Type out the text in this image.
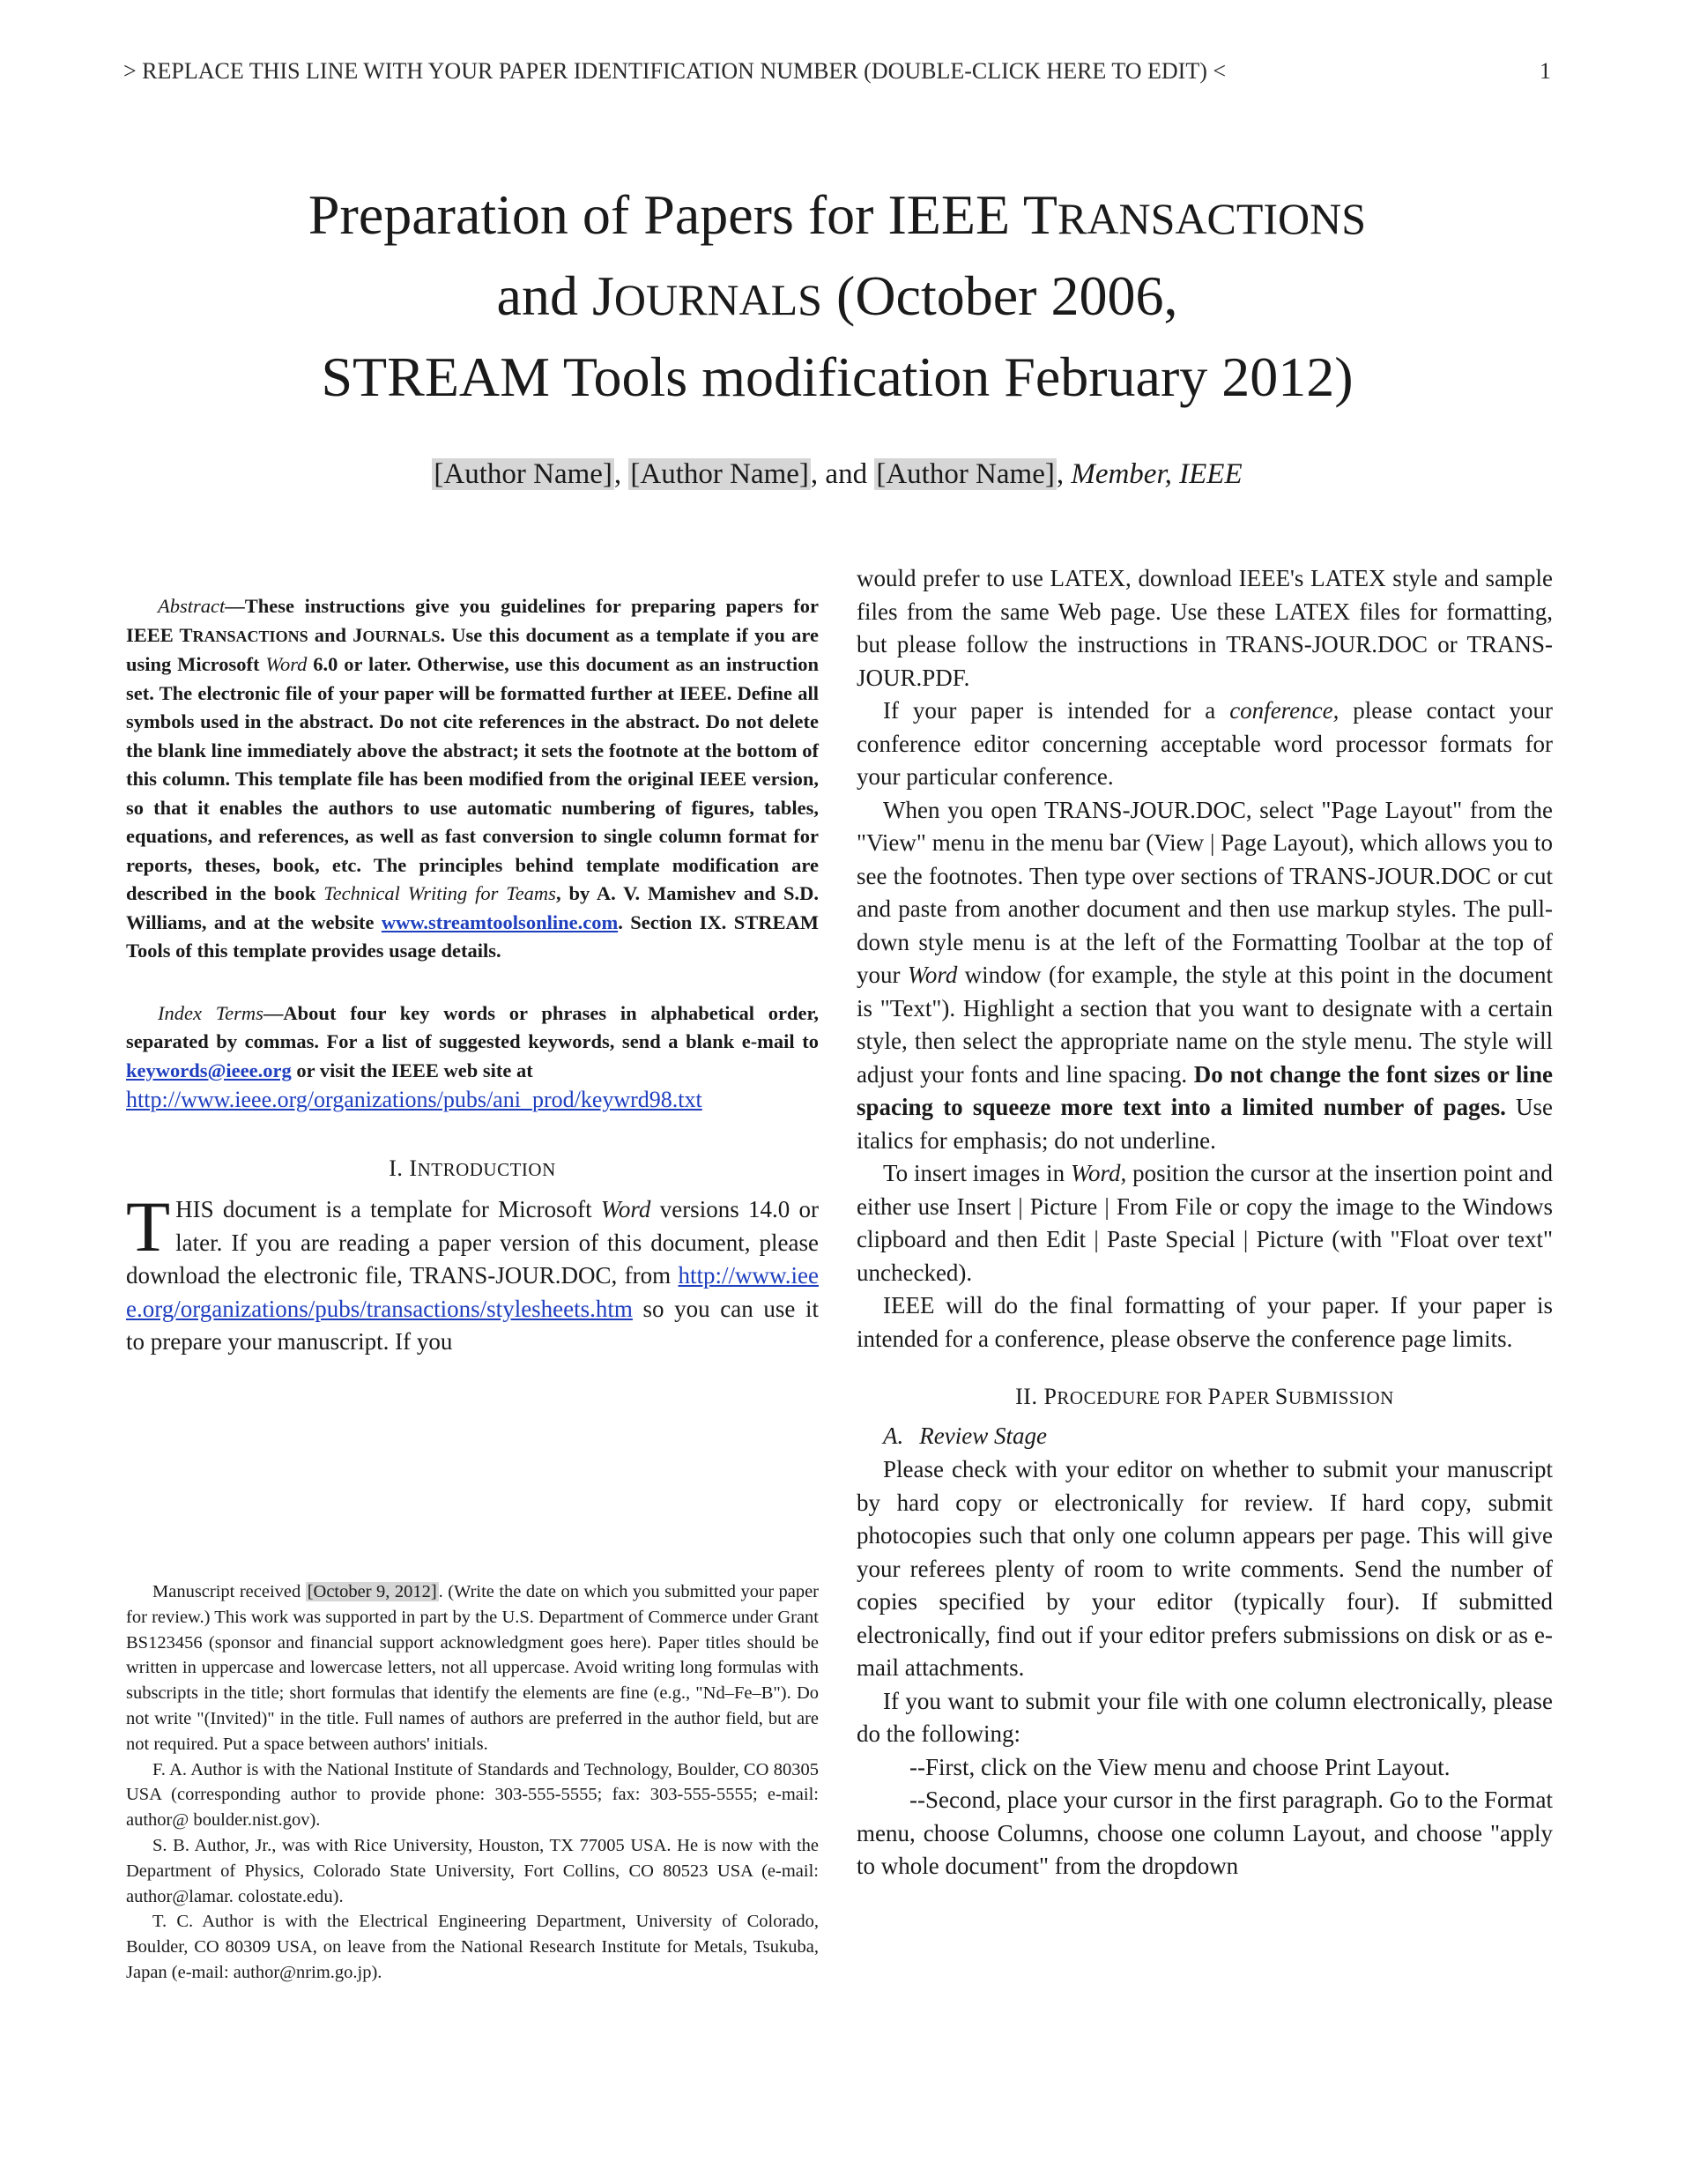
> REPLACE THIS LINE WITH YOUR PAPER IDENTIFICATION NUMBER (DOUBLE-CLICK HERE TO EDIT) <	1
Preparation of Papers for IEEE TRANSACTIONS
and JOURNALS (October 2006,
STREAM Tools modification February 2012)
[Author Name], [Author Name], and [Author Name], Member, IEEE

Abstract—These instructions give you guidelines for preparing papers for IEEE TRANSACTIONS and JOURNALS. Use this document as a template if you are using Microsoft Word 6.0 or later. Otherwise, use this document as an instruction set. The electronic file of your paper will be formatted further at IEEE. Define all symbols used in the abstract. Do not cite references in the abstract. Do not delete the blank line immediately above the abstract; it sets the footnote at the bottom of this column. This template file has been modified from the original IEEE version, so that it enables the authors to use automatic numbering of figures, tables, equations, and references, as well as fast conversion to single column format for reports, theses, book, etc. The principles behind template modification are described in the book Technical Writing for Teams, by A. V. Mamishev and S.D. Williams, and at the website www.streamtoolsonline.com. Section IX. STREAM Tools of this template provides usage details.

Index Terms—About four key words or phrases in alphabetical order, separated by commas. For a list of suggested keywords, send a blank e-mail to keywords@ieee.org or visit the IEEE web site at

http://www.ieee.org/organizations/pubs/ani_prod/keywrd98.txt

I. INTRODUCTION

THIS document is a template for Microsoft Word versions 14.0 or later. If you are reading a paper version of this document, please download the electronic file, TRANS-JOUR.DOC, from http://www.ieee.org/organizations/pubs/transactions/stylesheets.htm so you can use it to prepare your manuscript. If you

Manuscript received [October 9, 2012]. (Write the date on which you submitted your paper for review.) This work was supported in part by the U.S. Department of Commerce under Grant BS123456 (sponsor and financial support acknowledgment goes here). Paper titles should be written in uppercase and lowercase letters, not all uppercase. Avoid writing long formulas with subscripts in the title; short formulas that identify the elements are fine (e.g., "Nd–Fe–B"). Do not write "(Invited)" in the title. Full names of authors are preferred in the author field, but are not required. Put a space between authors' initials.

F. A. Author is with the National Institute of Standards and Technology, Boulder, CO 80305 USA (corresponding author to provide phone: 303-555-5555; fax: 303-555-5555; e-mail: author@ boulder.nist.gov).

S. B. Author, Jr., was with Rice University, Houston, TX 77005 USA. He is now with the Department of Physics, Colorado State University, Fort Collins, CO 80523 USA (e-mail: author@lamar. colostate.edu).

T. C. Author is with the Electrical Engineering Department, University of Colorado, Boulder, CO 80309 USA, on leave from the National Research Institute for Metals, Tsukuba, Japan (e-mail: author@nrim.go.jp).

would prefer to use LATEX, download IEEE's LATEX style and sample files from the same Web page. Use these LATEX files for formatting, but please follow the instructions in TRANS-JOUR.DOC or TRANS-JOUR.PDF.

If your paper is intended for a conference, please contact your conference editor concerning acceptable word processor formats for your particular conference.

When you open TRANS-JOUR.DOC, select "Page Layout" from the "View" menu in the menu bar (View | Page Layout), which allows you to see the footnotes. Then type over sections of TRANS-JOUR.DOC or cut and paste from another document and then use markup styles. The pull-down style menu is at the left of the Formatting Toolbar at the top of your Word window (for example, the style at this point in the document is "Text"). Highlight a section that you want to designate with a certain style, then select the appropriate name on the style menu. The style will adjust your fonts and line spacing. Do not change the font sizes or line spacing to squeeze more text into a limited number of pages. Use italics for emphasis; do not underline.

To insert images in Word, position the cursor at the insertion point and either use Insert | Picture | From File or copy the image to the Windows clipboard and then Edit | Paste Special | Picture (with "Float over text" unchecked).

IEEE will do the final formatting of your paper. If your paper is intended for a conference, please observe the conference page limits.

II. PROCEDURE FOR PAPER SUBMISSION
A. Review Stage

Please check with your editor on whether to submit your manuscript by hard copy or electronically for review. If hard copy, submit photocopies such that only one column appears per page. This will give your referees plenty of room to write comments. Send the number of copies specified by your editor (typically four). If submitted electronically, find out if your editor prefers submissions on disk or as e-mail attachments.

If you want to submit your file with one column electronically, please do the following:

--First, click on the View menu and choose Print Layout.

--Second, place your cursor in the first paragraph. Go to the Format menu, choose Columns, choose one column Layout, and choose "apply to whole document" from the dropdown
